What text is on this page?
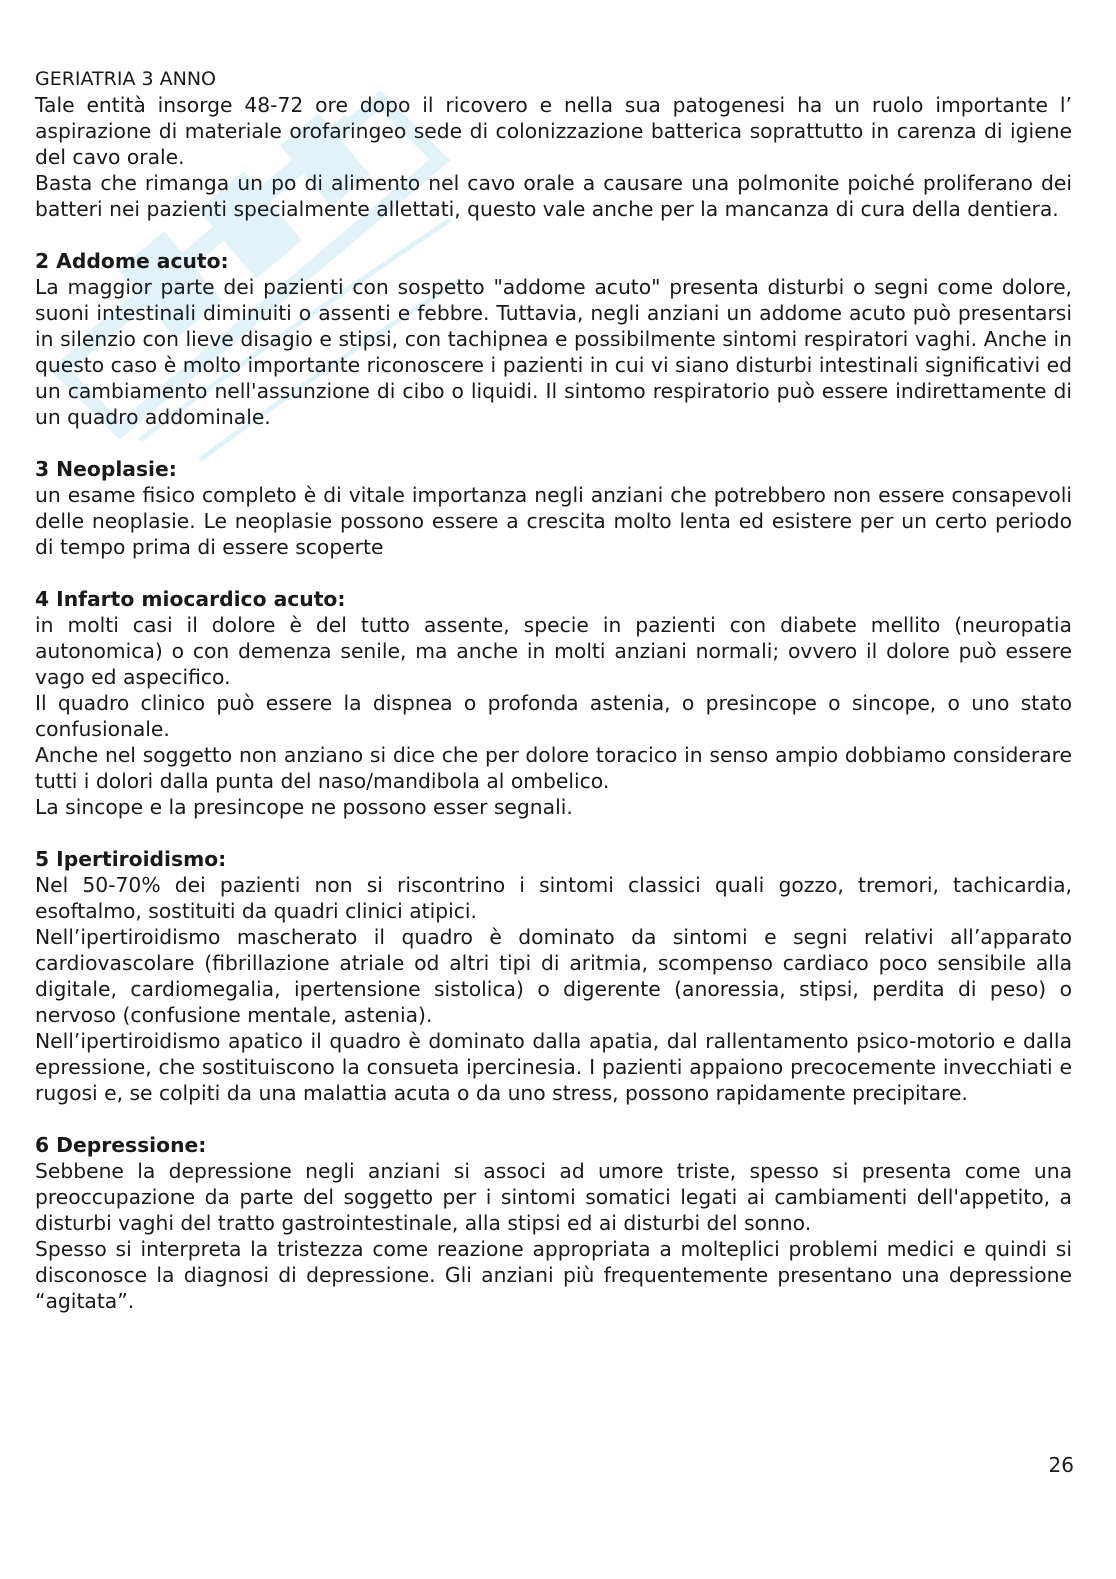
GERIATRIA 3 ANNO

Tale entità insorge 48-72 ore dopo il ricovero e nella sua patogenesi ha un ruolo importante l’ aspirazione di materiale orofaringeo sede di colonizzazione batterica soprattutto in carenza di igiene del cavo orale.

Basta che rimanga un po di alimento nel cavo orale a causare una polmonite poiché proliferano dei batteri nei pazienti specialmente allettati, questo vale anche per la mancanza di cura della dentiera.

2 Addome acuto:

La maggior parte dei pazienti con sospetto "addome acuto" presenta disturbi o segni come dolore, suoni intestinali diminuiti o assenti e febbre. Tuttavia, negli anziani un addome acuto può presentarsi in silenzio con lieve disagio e stipsi, con tachipnea e possibilmente sintomi respiratori vaghi. Anche in questo caso è molto importante riconoscere i pazienti in cui vi siano disturbi intestinali significativi ed un cambiamento nell'assunzione di cibo o liquidi. Il sintomo respiratorio può essere indirettamente di un quadro addominale.

3 Neoplasie:

un esame fisico completo è di vitale importanza negli anziani che potrebbero non essere consapevoli delle neoplasie. Le neoplasie possono essere a crescita molto lenta ed esistere per un certo periodo di tempo prima di essere scoperte

4 Infarto miocardico acuto:

in molti casi il dolore è del tutto assente, specie in pazienti con diabete mellito (neuropatia autonomica) o con demenza senile, ma anche in molti anziani normali; ovvero il dolore può essere vago ed aspecifico.

Il quadro clinico può essere la dispnea o profonda astenia, o presincope o sincope, o uno stato confusionale.

Anche nel soggetto non anziano si dice che per dolore toracico in senso ampio dobbiamo considerare tutti i dolori dalla punta del naso/mandibola al ombelico.

La sincope e la presincope ne possono esser segnali.

5 Ipertiroidismo:

Nel 50-70% dei pazienti non si riscontrino i sintomi classici quali gozzo, tremori, tachicardia, esoftalmo, sostituiti da quadri clinici atipici.

Nell’ipertiroidismo mascherato il quadro è dominato da sintomi e segni relativi all’apparato cardiovascolare (fibrillazione atriale od altri tipi di aritmia, scompenso cardiaco poco sensibile alla digitale, cardiomegalia, ipertensione sistolica) o digerente (anoressia, stipsi, perdita di peso) o nervoso (confusione mentale, astenia).

Nell’ipertiroidismo apatico il quadro è dominato dalla apatia, dal rallentamento psico-motorio e dalla epressione, che sostituiscono la consueta ipercinesia. I pazienti appaiono precocemente invecchiati e rugosi e, se colpiti da una malattia acuta o da uno stress, possono rapidamente precipitare.

6 Depressione:

Sebbene la depressione negli anziani si associ ad umore triste, spesso si presenta come una preoccupazione da parte del soggetto per i sintomi somatici legati ai cambiamenti dell'appetito, a disturbi vaghi del tratto gastrointestinale, alla stipsi ed ai disturbi del sonno.

Spesso si interpreta la tristezza come reazione appropriata a molteplici problemi medici e quindi si disconosce la diagnosi di depressione. Gli anziani più frequentemente presentano una depressione “agitata”.

26
